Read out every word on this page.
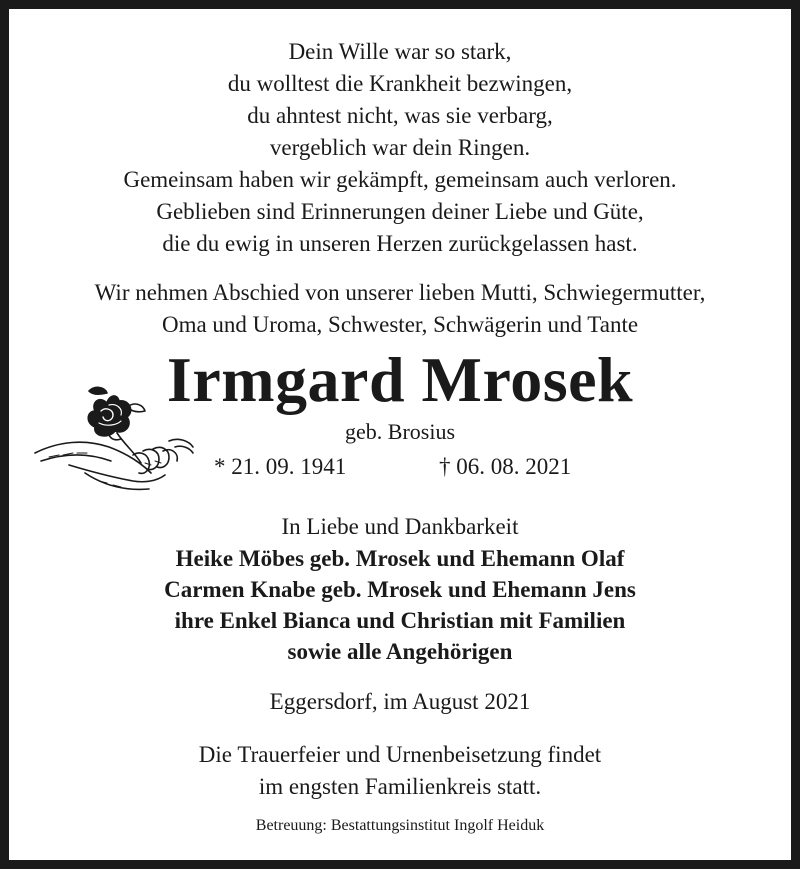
Dein Wille war so stark,
du wolltest die Krankheit bezwingen,
du ahntest nicht, was sie verbarg,
vergeblich war dein Ringen.
Gemeinsam haben wir gekämpft, gemeinsam auch verloren.
Geblieben sind Erinnerungen deiner Liebe und Güte,
die du ewig in unseren Herzen zurückgelassen hast.
Wir nehmen Abschied von unserer lieben Mutti, Schwiegermutter,
Oma und Uroma, Schwester, Schwägerin und Tante
Irmgard Mrosek
geb. Brosius
* 21. 09. 1941	† 06. 08. 2021
In Liebe und Dankbarkeit
Heike Möbes geb. Mrosek und Ehemann Olaf
Carmen Knabe geb. Mrosek und Ehemann Jens
ihre Enkel Bianca und Christian mit Familien
sowie alle Angehörigen
Eggersdorf, im August 2021
Die Trauerfeier und Urnenbeisetzung findet
im engsten Familienkreis statt.
Betreuung: Bestattungsinstitut Ingolf Heiduk
